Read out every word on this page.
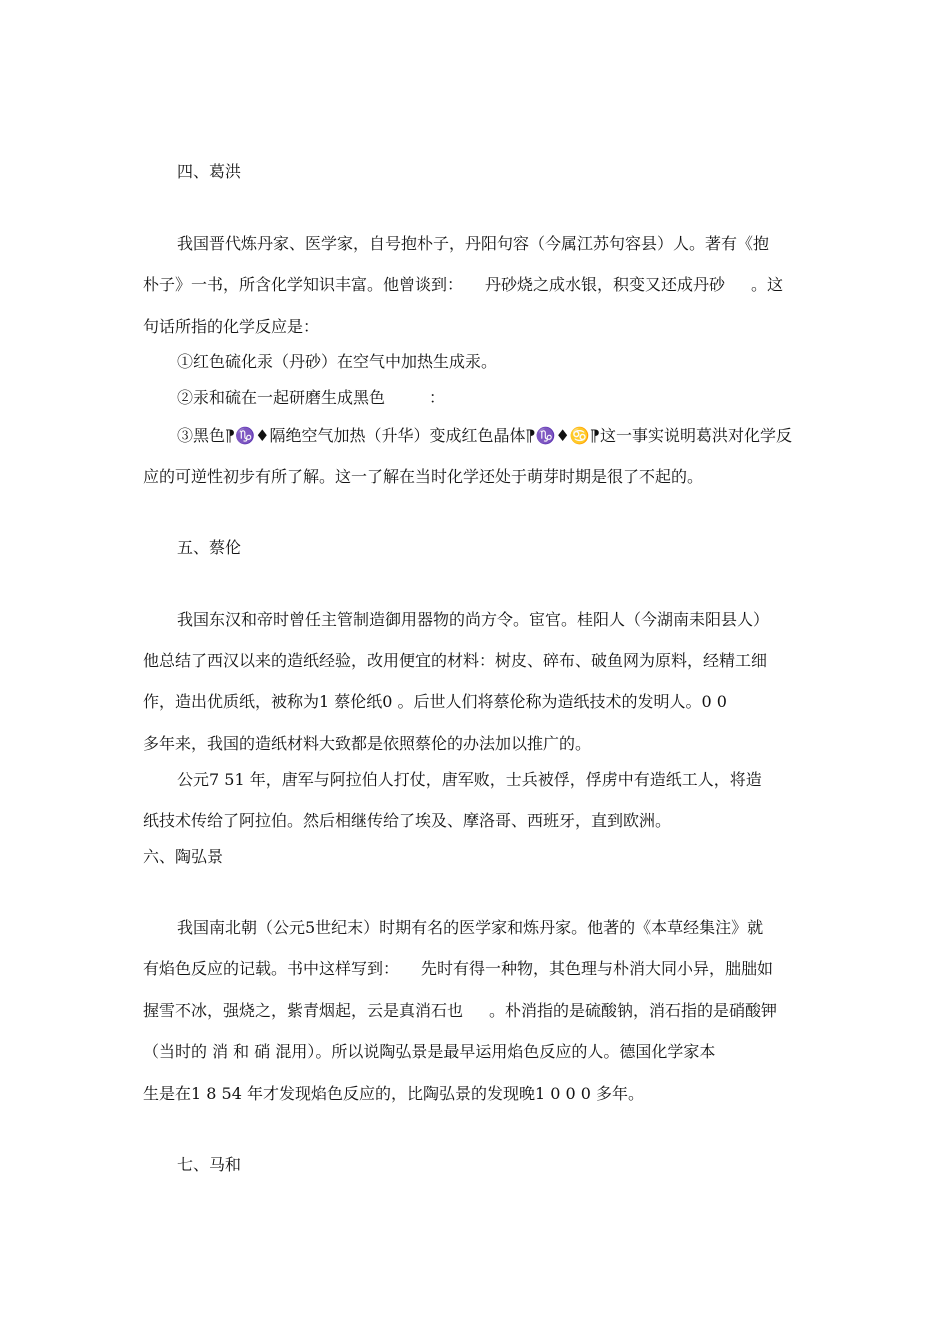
四、葛洪
我国晋代炼丹家、医学家，自号抱朴子，丹阳句容（今属江苏句容县）人。著有《抱
朴子》一书，所含化学知识丰富。他曾谈到： 丹砂烧之成水银，积变又还成丹砂 。这
句话所指的化学反应是：
①红色硫化汞（丹砂）在空气中加热生成汞。
②汞和硫在一起研磨生成黑色	：
③黑色⁋♑♦隔绝空气加热（升华）变成红色晶体⁋♑♦♋⁋这一事实说明葛洪对化学反
应的可逆性初步有所了解。这一了解在当时化学还处于萌芽时期是很了不起的。
五、蔡伦
我国东汉和帝时曾任主管制造御用器物的尚方令。宦官。桂阳人（今湖南耒阳县人）
他总结了西汉以来的造纸经验，改用便宜的材料：树皮、碎布、破鱼网为原料，经精工细
作，造出优质纸，被称为1 蔡伦纸0 。后世人们将蔡伦称为造纸技术的发明人。0 0
多年来，我国的造纸材料大致都是依照蔡伦的办法加以推广的。
公元7 51 年，唐军与阿拉伯人打仗，唐军败，士兵被俘，俘虏中有造纸工人，将造
纸技术传给了阿拉伯。然后相继传给了埃及、摩洛哥、西班牙，直到欧洲。
六、陶弘景
我国南北朝（公元5世纪末）时期有名的医学家和炼丹家。他著的《本草经集注》就
有焰色反应的记载。书中这样写到： 先时有得一种物，其色理与朴消大同小异，朏朏如
握雪不冰，强烧之，紫青烟起，云是真消石也 。朴消指的是硫酸钠，消石指的是硝酸钾
（当时的 消 和 硝 混用）。所以说陶弘景是最早运用焰色反应的人。德国化学家本
生是在1 8 54 年才发现焰色反应的，比陶弘景的发现晚1 0 0 0 多年。
七、马和
